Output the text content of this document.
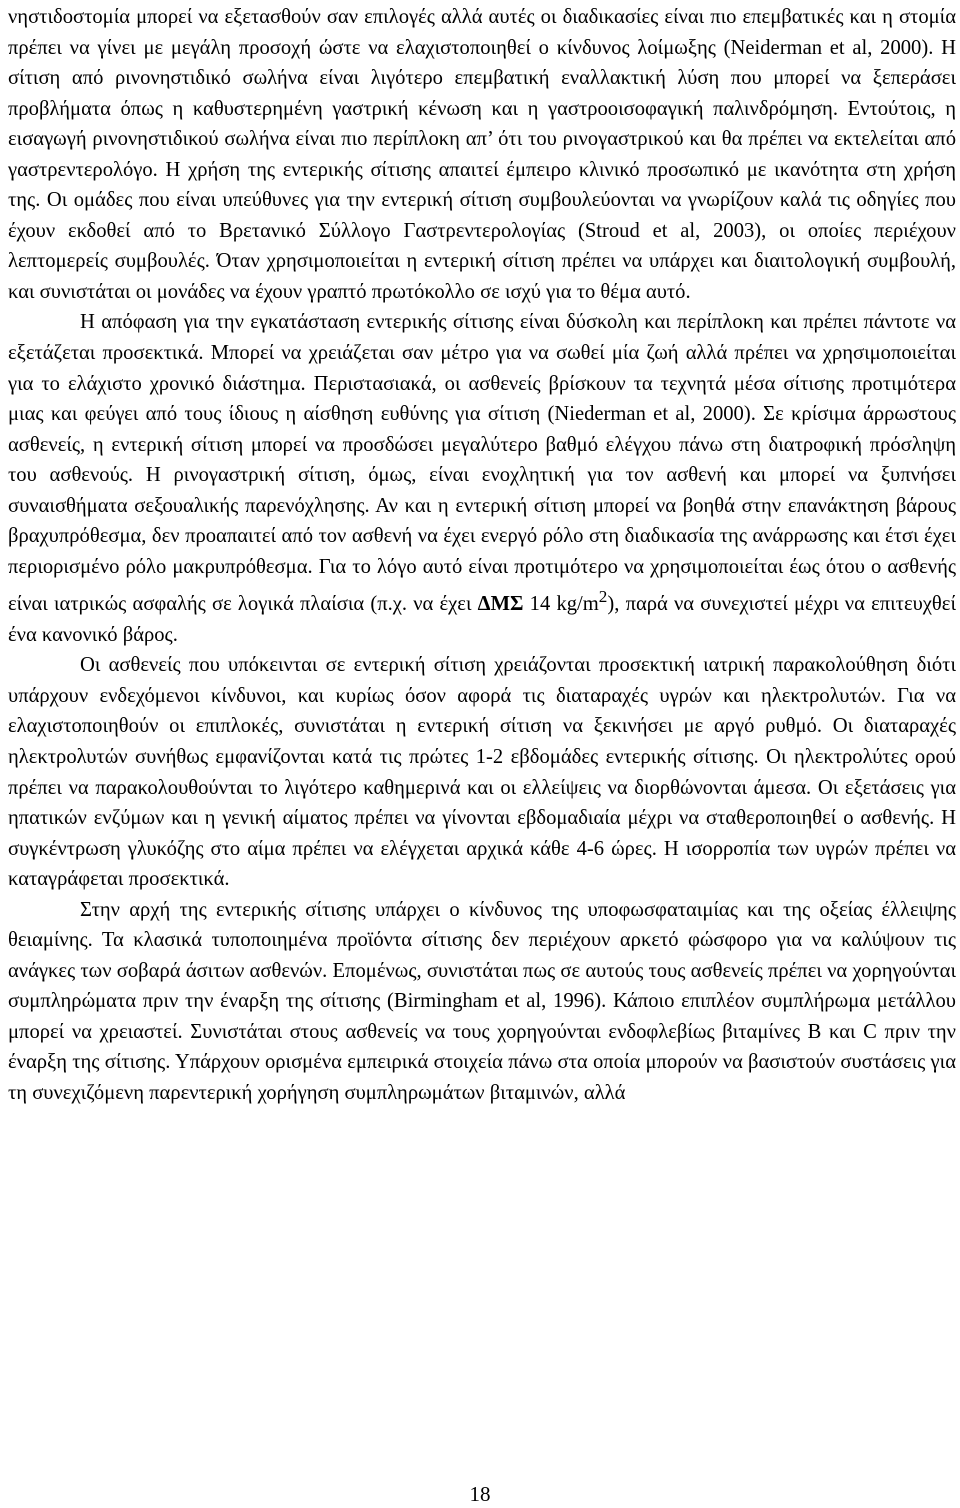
νηστιδοστομία μπορεί να εξετασθούν σαν επιλογές αλλά αυτές οι διαδικασίες είναι πιο επεμβατικές και η στομία πρέπει να γίνει με μεγάλη προσοχή ώστε να ελαχιστοποιηθεί ο κίνδυνος λοίμωξης (Neiderman et al, 2000). Η σίτιση από ρινονηστιδικό σωλήνα είναι λιγότερο επεμβατική εναλλακτική λύση που μπορεί να ξεπεράσει προβλήματα όπως η καθυστερημένη γαστρική κένωση και η γαστροοισοφαγική παλινδρόμηση. Εντούτοις, η εισαγωγή ρινονηστιδικού σωλήνα είναι πιο περίπλοκη απ’ ότι του ρινογαστρικού και θα πρέπει να εκτελείται από γαστρεντερολόγο. Η χρήση της εντερικής σίτισης απαιτεί έμπειρο κλινικό προσωπικό με ικανότητα στη χρήση της. Οι ομάδες που είναι υπεύθυνες για την εντερική σίτιση συμβουλεύονται να γνωρίζουν καλά τις οδηγίες που έχουν εκδοθεί από το Βρετανικό Σύλλογο Γαστρεντερολογίας (Stroud et al, 2003), οι οποίες περιέχουν λεπτομερείς συμβουλές. Όταν χρησιμοποιείται η εντερική σίτιση πρέπει να υπάρχει και διαιτολογική συμβουλή, και συνιστάται οι μονάδες να έχουν γραπτό πρωτόκολλο σε ισχύ για το θέμα αυτό.

Η απόφαση για την εγκατάσταση εντερικής σίτισης είναι δύσκολη και περίπλοκη και πρέπει πάντοτε να εξετάζεται προσεκτικά. Μπορεί να χρειάζεται σαν μέτρο για να σωθεί μία ζωή αλλά πρέπει να χρησιμοποιείται για το ελάχιστο χρονικό διάστημα. Περιστασιακά, οι ασθενείς βρίσκουν τα τεχνητά μέσα σίτισης προτιμότερα μιας και φεύγει από τους ίδιους η αίσθηση ευθύνης για σίτιση (Niederman et al, 2000). Σε κρίσιμα άρρωστους ασθενείς, η εντερική σίτιση μπορεί να προσδώσει μεγαλύτερο βαθμό ελέγχου πάνω στη διατροφική πρόσληψη του ασθενούς. Η ρινογαστρική σίτιση, όμως, είναι ενοχλητική για τον ασθενή και μπορεί να ξυπνήσει συναισθήματα σεξουαλικής παρενόχλησης. Αν και η εντερική σίτιση μπορεί να βοηθά στην επανάκτηση βάρους βραχυπρόθεσμα, δεν προαπαιτεί από τον ασθενή να έχει ενεργό ρόλο στη διαδικασία της ανάρρωσης και έτσι έχει περιορισμένο ρόλο μακρυπρόθεσμα. Για το λόγο αυτό είναι προτιμότερο να χρησιμοποιείται έως ότου ο ασθενής είναι ιατρικώς ασφαλής σε λογικά πλαίσια (π.χ. να έχει ΔΜΣ 14 $kg/m^2$), παρά να συνεχιστεί μέχρι να επιτευχθεί ένα κανονικό βάρος.

Οι ασθενείς που υπόκεινται σε εντερική σίτιση χρειάζονται προσεκτική ιατρική παρακολούθηση διότι υπάρχουν ενδεχόμενοι κίνδυνοι, και κυρίως όσον αφορά τις διαταραχές υγρών και ηλεκτρολυτών. Για να ελαχιστοποιηθούν οι επιπλοκές, συνιστάται η εντερική σίτιση να ξεκινήσει με αργό ρυθμό. Οι διαταραχές ηλεκτρολυτών συνήθως εμφανίζονται κατά τις πρώτες 1-2 εβδομάδες εντερικής σίτισης. Οι ηλεκτρολύτες ορού πρέπει να παρακολουθούνται το λιγότερο καθημερινά και οι ελλείψεις να διορθώνονται άμεσα. Οι εξετάσεις για ηπατικών ενζύμων και η γενική αίματος πρέπει να γίνονται εβδομαδιαία μέχρι να σταθεροποιηθεί ο ασθενής. Η συγκέντρωση γλυκόζης στο αίμα πρέπει να ελέγχεται αρχικά κάθε 4-6 ώρες. Η ισορροπία των υγρών πρέπει να καταγράφεται προσεκτικά.

Στην αρχή της εντερικής σίτισης υπάρχει ο κίνδυνος της υποφωσφαταιμίας και της οξείας έλλειψης θειαμίνης. Τα κλασικά τυποποιημένα προϊόντα σίτισης δεν περιέχουν αρκετό φώσφορο για να καλύψουν τις ανάγκες των σοβαρά άσιτων ασθενών. Επομένως, συνιστάται πως σε αυτούς τους ασθενείς πρέπει να χορηγούνται συμπληρώματα πριν την έναρξη της σίτισης (Birmingham et al, 1996). Κάποιο επιπλέον συμπλήρωμα μετάλλου μπορεί να χρειαστεί. Συνιστάται στους ασθενείς να τους χορηγούνται ενδοφλεβίως βιταμίνες Β και C πριν την έναρξη της σίτισης. Υπάρχουν ορισμένα εμπειρικά στοιχεία πάνω στα οποία μπορούν να βασιστούν συστάσεις για τη συνεχιζόμενη παρεντερική χορήγηση συμπληρωμάτων βιταμινών, αλλά

18
